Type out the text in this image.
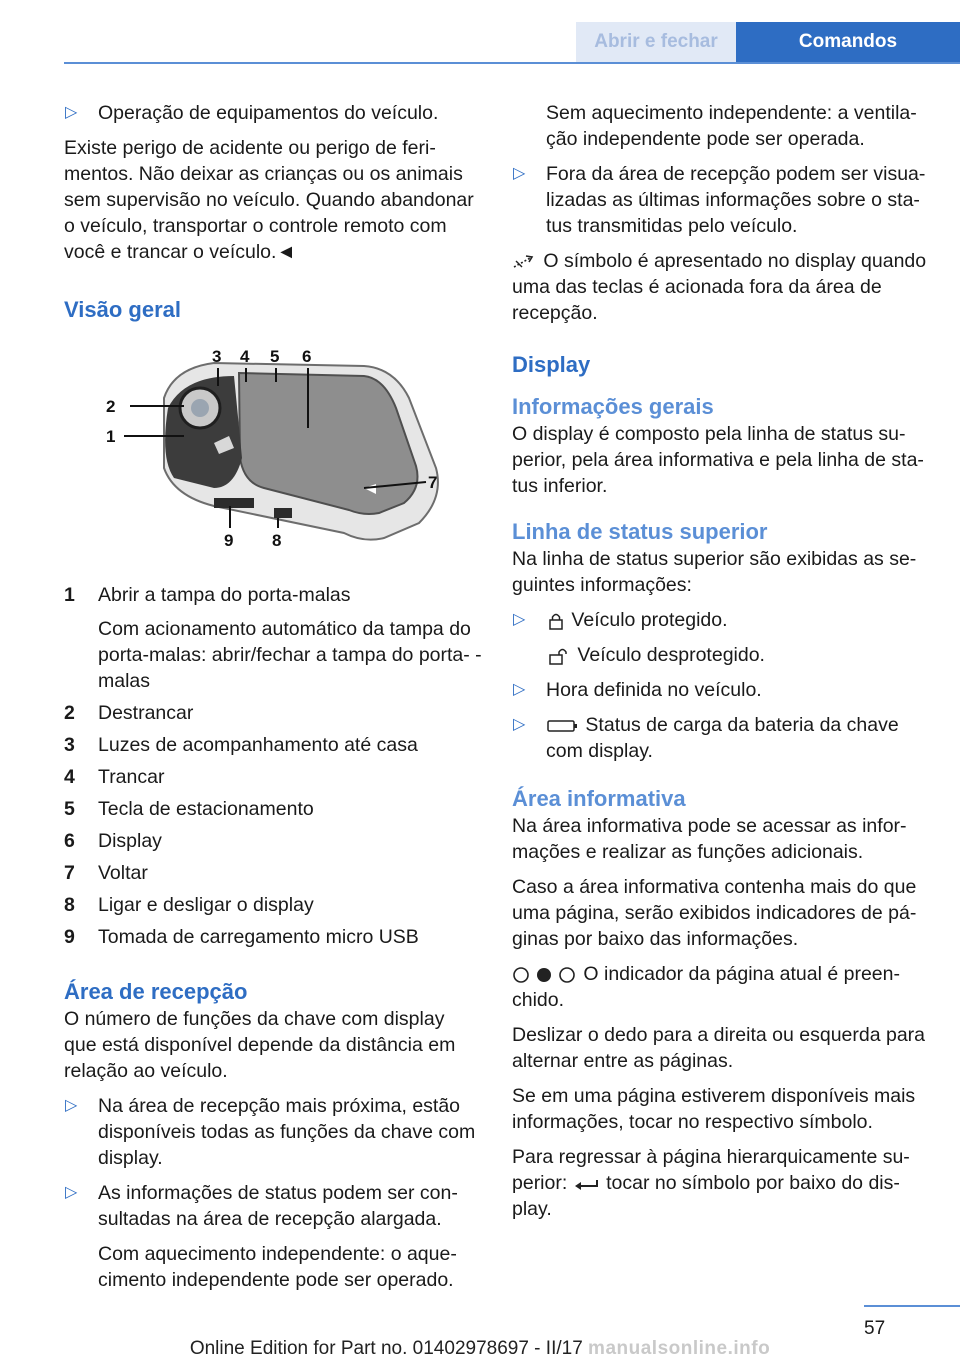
Abrir e fechar	Comandos
▷ Operação de equipamentos do veículo.

Existe perigo de acidente ou perigo de feri- mentos. Não deixar as crianças ou os animais sem supervisão no veículo. Quando abandonar o veículo, transportar o controle remoto com você e trancar o veículo.◄

Visão geral
3 4 5 6
2
1
7
9 8
1 Abrir a tampa do porta-malas
Com acionamento automático da tampa do porta-malas: abrir/fechar a tampa do porta- -malas
2 Destrancar
3 Luzes de acompanhamento até casa
4 Trancar
5 Tecla de estacionamento
6 Display
7 Voltar
8 Ligar e desligar o display
9 Tomada de carregamento micro USB
Área de recepção

O número de funções da chave com display que está disponível depende da distância em relação ao veículo.

▷ Na área de recepção mais próxima, estão disponíveis todas as funções da chave com display.
▷ As informações de status podem ser con- sultadas na área de recepção alargada.

Com aquecimento independente: o aque- cimento independente pode ser operado.

Sem aquecimento independente: a ventila- ção independente pode ser operada.

▷ Fora da área de recepção podem ser visua- lizadas as últimas informações sobre o sta- tus transmitidas pelo veículo.

O símbolo é apresentado no display quando uma das teclas é acionada fora da área de recepção.

Display
Informações gerais

O display é composto pela linha de status su- perior, pela área informativa e pela linha de sta- tus inferior.

Linha de status superior

Na linha de status superior são exibidas as se- guintes informações:

▷ Veículo protegido.

Veículo desprotegido.

▷ Hora definida no veículo.
▷	Status de carga da bateria da chave com display.
Área informativa

Na área informativa pode se acessar as infor- mações e realizar as funções adicionais.

Caso a área informativa contenha mais do que uma página, serão exibidos indicadores de pá- ginas por baixo das informações.

O indicador da página atual é preen- chido.

Deslizar o dedo para a direita ou esquerda para alternar entre as páginas.

Se em uma página estiverem disponíveis mais informações, tocar no respectivo símbolo.

Para regressar à página hierarquicamente su- perior: tocar no símbolo por baixo do dis- play.

57
Online Edition for Part no. 01402978697 - II/17 manualsonline.info
